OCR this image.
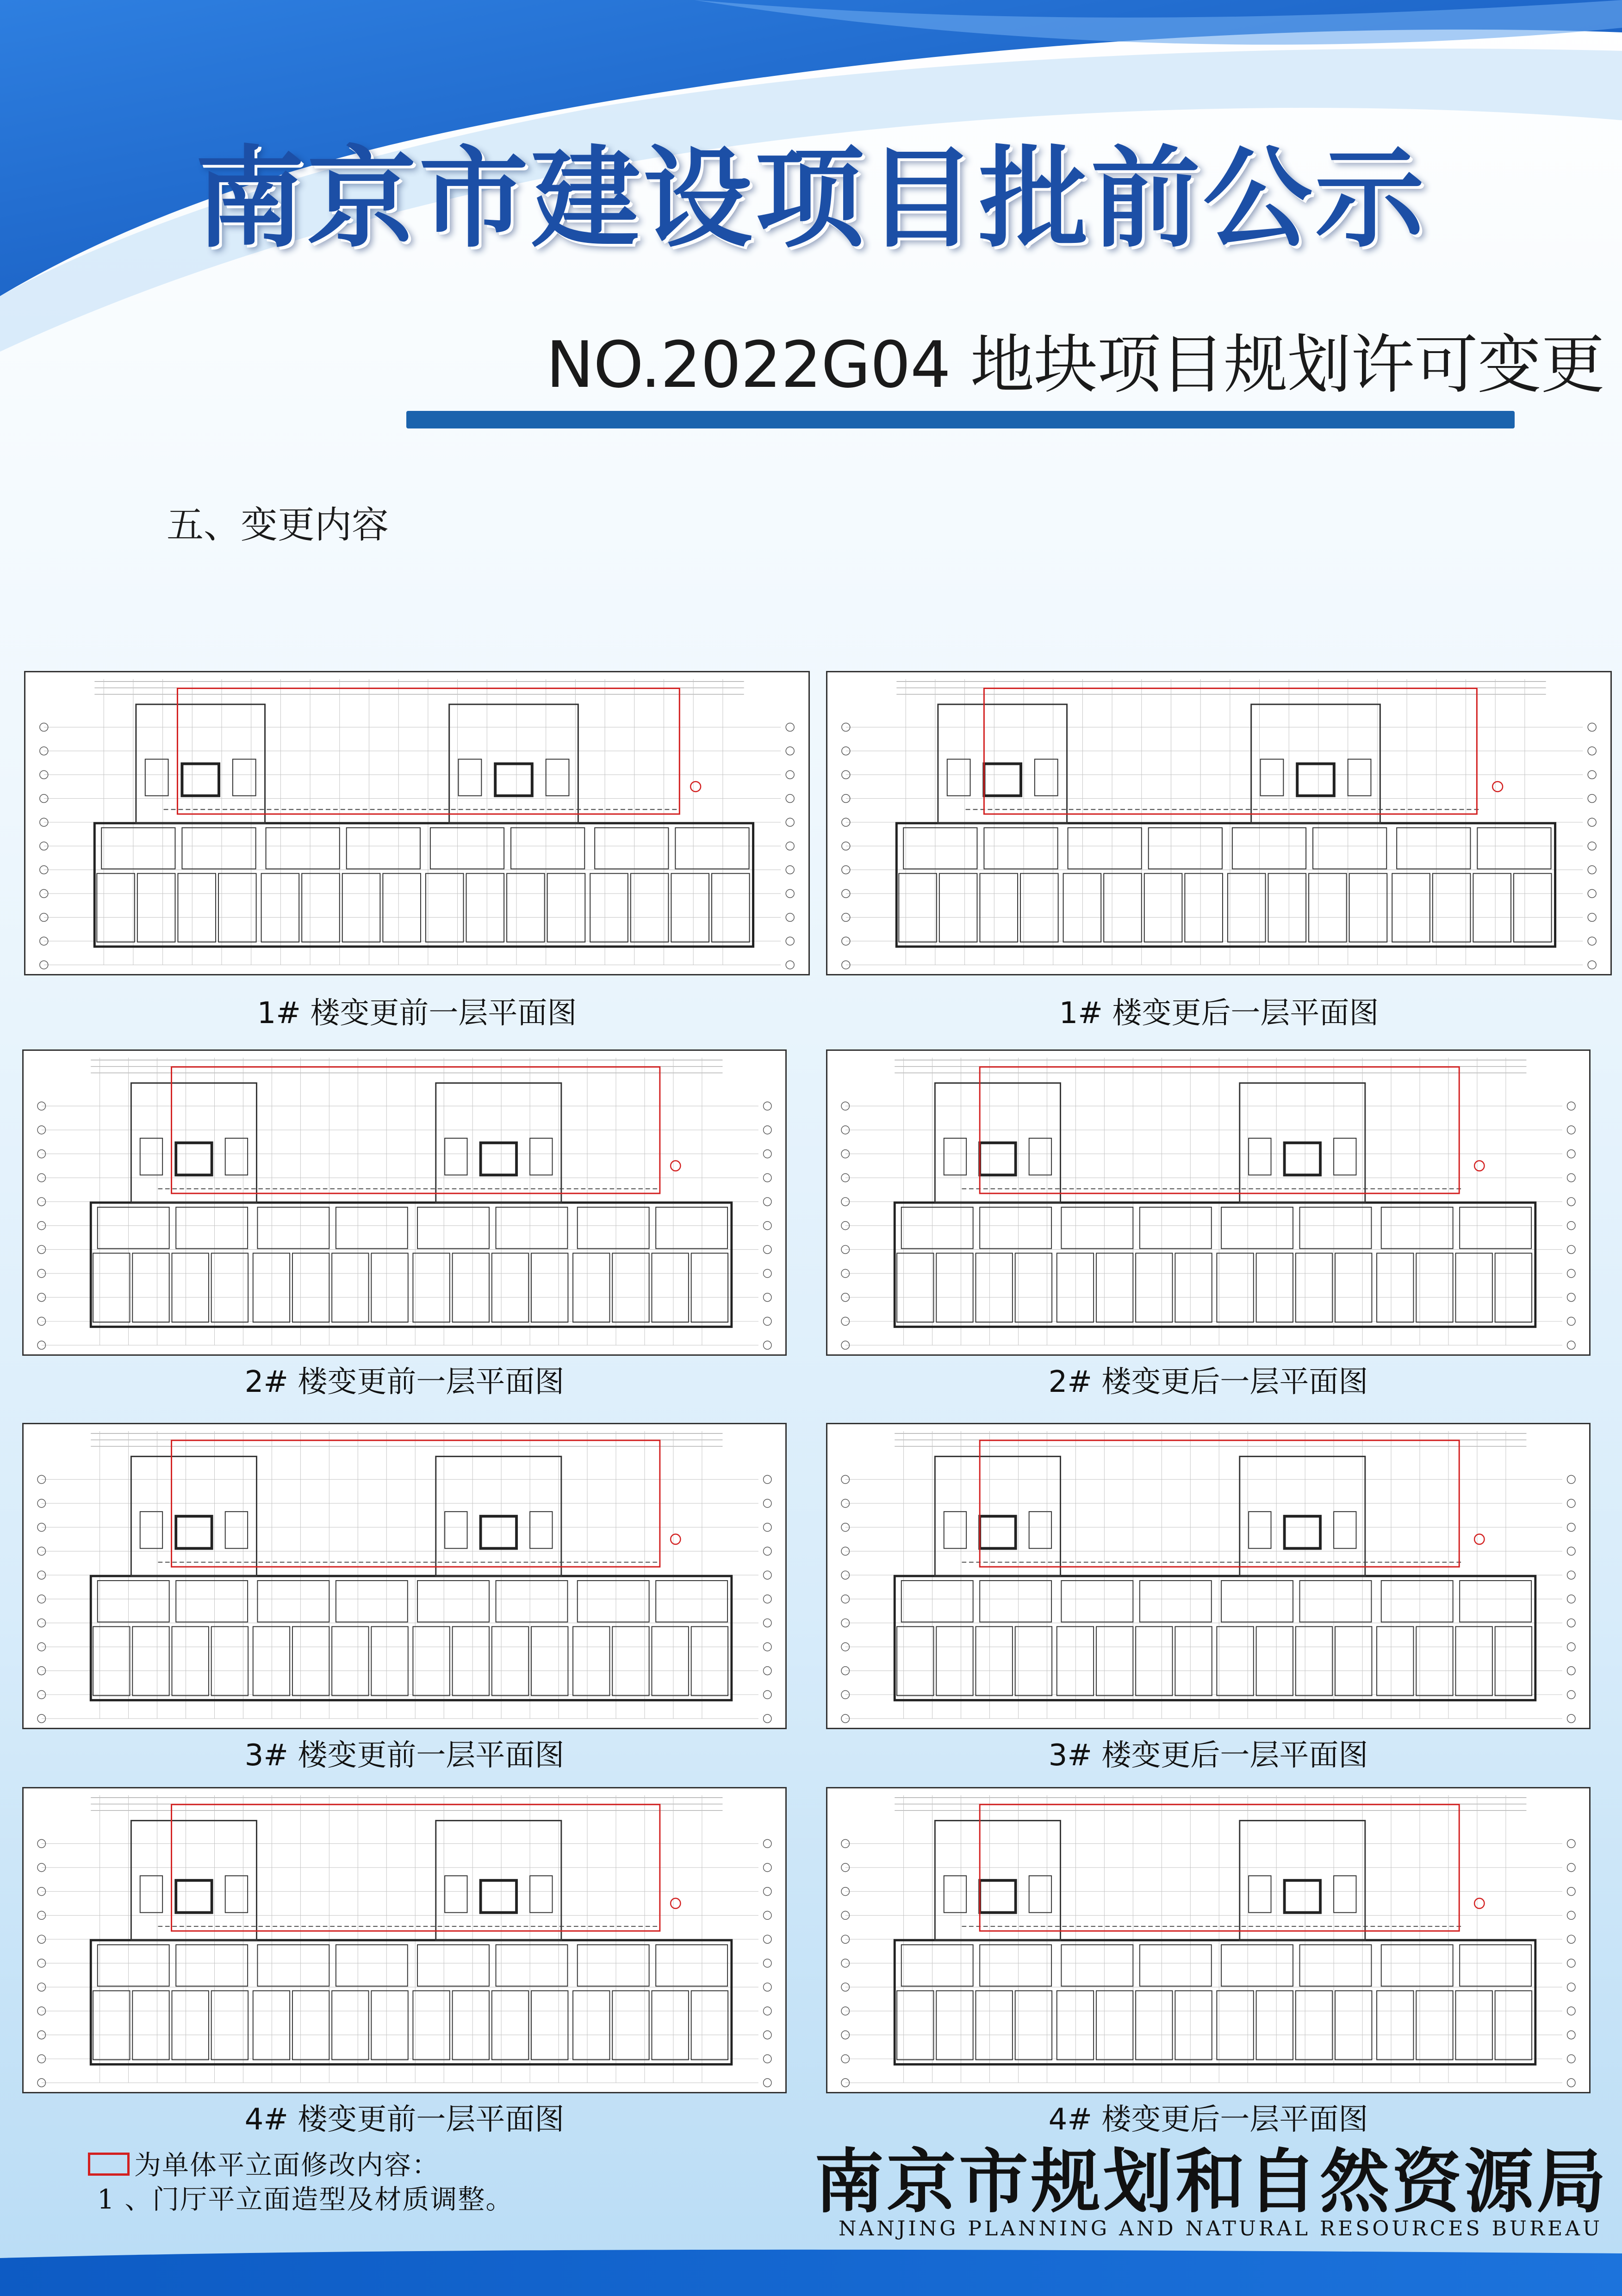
南京市建设项目批前公示
NO.2022G04 地块项目规划许可变更
五、变更内容
1# 楼变更前一层平面图	1# 楼变更后一层平面图
2# 楼变更前一层平面图	2# 楼变更后一层平面图
3# 楼变更前一层平面图	3# 楼变更后一层平面图
4# 楼变更前一层平面图	4# 楼变更后一层平面图
为单体平立面修改内容：
1 、门厅平立面造型及材质调整。	南京市规划和自然资源局
NANJING PLANNING AND NATURAL RESOURCES BUREAU
